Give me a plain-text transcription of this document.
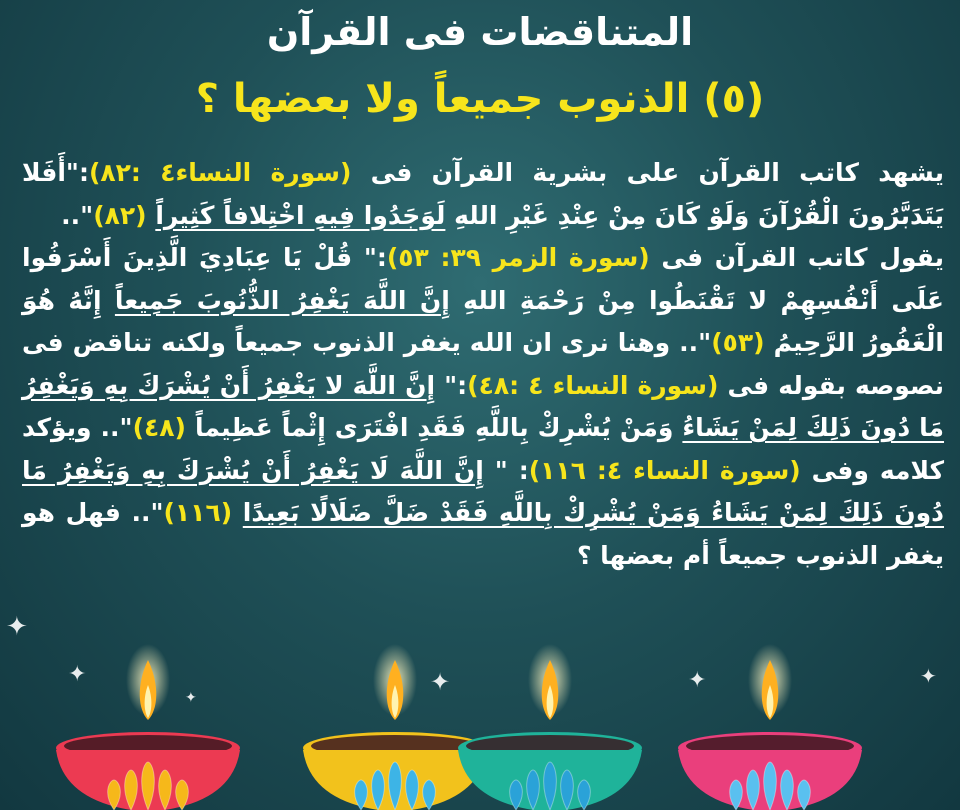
المتناقضات فى القرآن
(٥) الذنوب جميعاً ولا بعضها ؟
يشهد كاتب القرآن على بشرية القرآن فى (سورة النساء٤ :٨٢):"أَفَلا يَتَدَبَّرُونَ الْقُرْآنَ وَلَوْ كَانَ مِنْ عِنْدِ غَيْرِ اللهِ لَوَجَدُوا فِيهِ اخْتِلافاً كَثِيراً (٨٢)"..
يقول كاتب القرآن فى (سورة الزمر ٣٩: ٥٣):" قُلْ يَا عِبَادِيَ الَّذِينَ أَسْرَفُوا عَلَى أَنْفُسِهِمْ لا تَقْنَطُوا مِنْ رَحْمَةِ اللهِ إِنَّ اللَّهَ يَغْفِرُ الذُّنُوبَ جَمِيعاً إِنَّهُ هُوَ الْغَفُورُ الرَّحِيمُ (٥٣)".. وهنا نرى ان الله يغفر الذنوب جميعاً ولكنه تناقض فى نصوصه بقوله فى (سورة النساء ٤ :٤٨):" إِنَّ اللَّهَ لا يَغْفِرُ أَنْ يُشْرَكَ بِهِ وَيَغْفِرُ مَا دُونَ ذَلِكَ لِمَنْ يَشَاءُ وَمَنْ يُشْرِكْ بِاللَّهِ فَقَدِ افْتَرَى إِثْماً عَظِيماً (٤٨)".. ويؤكد كلامه وفى (سورة النساء ٤: ١١٦): " إِنَّ اللَّهَ لَا يَغْفِرُ أَنْ يُشْرَكَ بِهِ وَيَغْفِرُ مَا دُونَ ذَلِكَ لِمَنْ يَشَاءُ وَمَنْ يُشْرِكْ بِاللَّهِ فَقَدْ ضَلَّ ضَلَالًا بَعِيدًا (١١٦)".. فهل هو يغفر الذنوب جميعاً أم بعضها ؟
✦
✦
✦
✦	✦	✦
